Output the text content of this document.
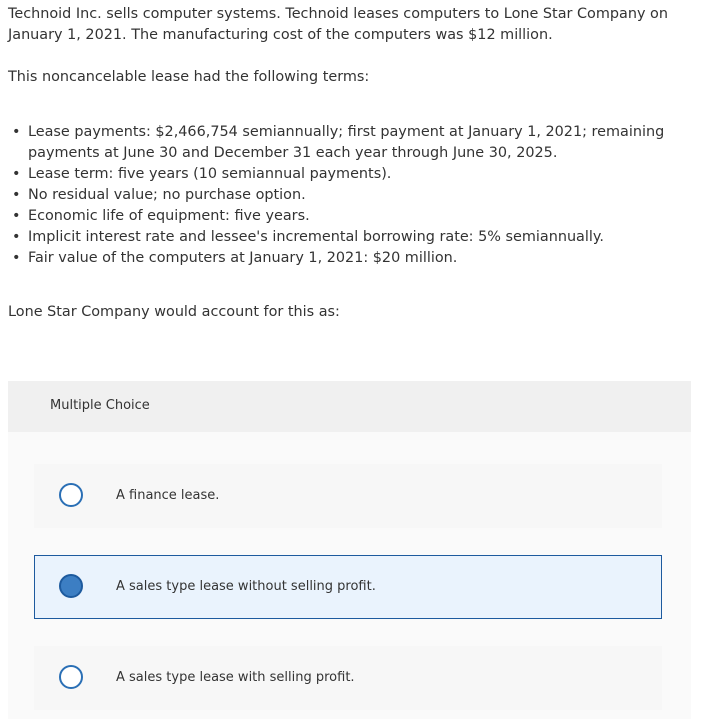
Technoid Inc. sells computer systems. Technoid leases computers to Lone Star Company on January 1, 2021. The manufacturing cost of the computers was $12 million.

This noncancelable lease had the following terms:

• Lease payments: $2,466,754 semiannually; first payment at January 1, 2021; remaining payments at June 30 and December 31 each year through June 30, 2025.
• Lease term: five years (10 semiannual payments).
• No residual value; no purchase option.
• Economic life of equipment: five years.
• Implicit interest rate and lessee's incremental borrowing rate: 5% semiannually.
• Fair value of the computers at January 1, 2021: $20 million.

Lone Star Company would account for this as:

Multiple Choice
A finance lease.
A sales type lease without selling profit.
A sales type lease with selling profit.
